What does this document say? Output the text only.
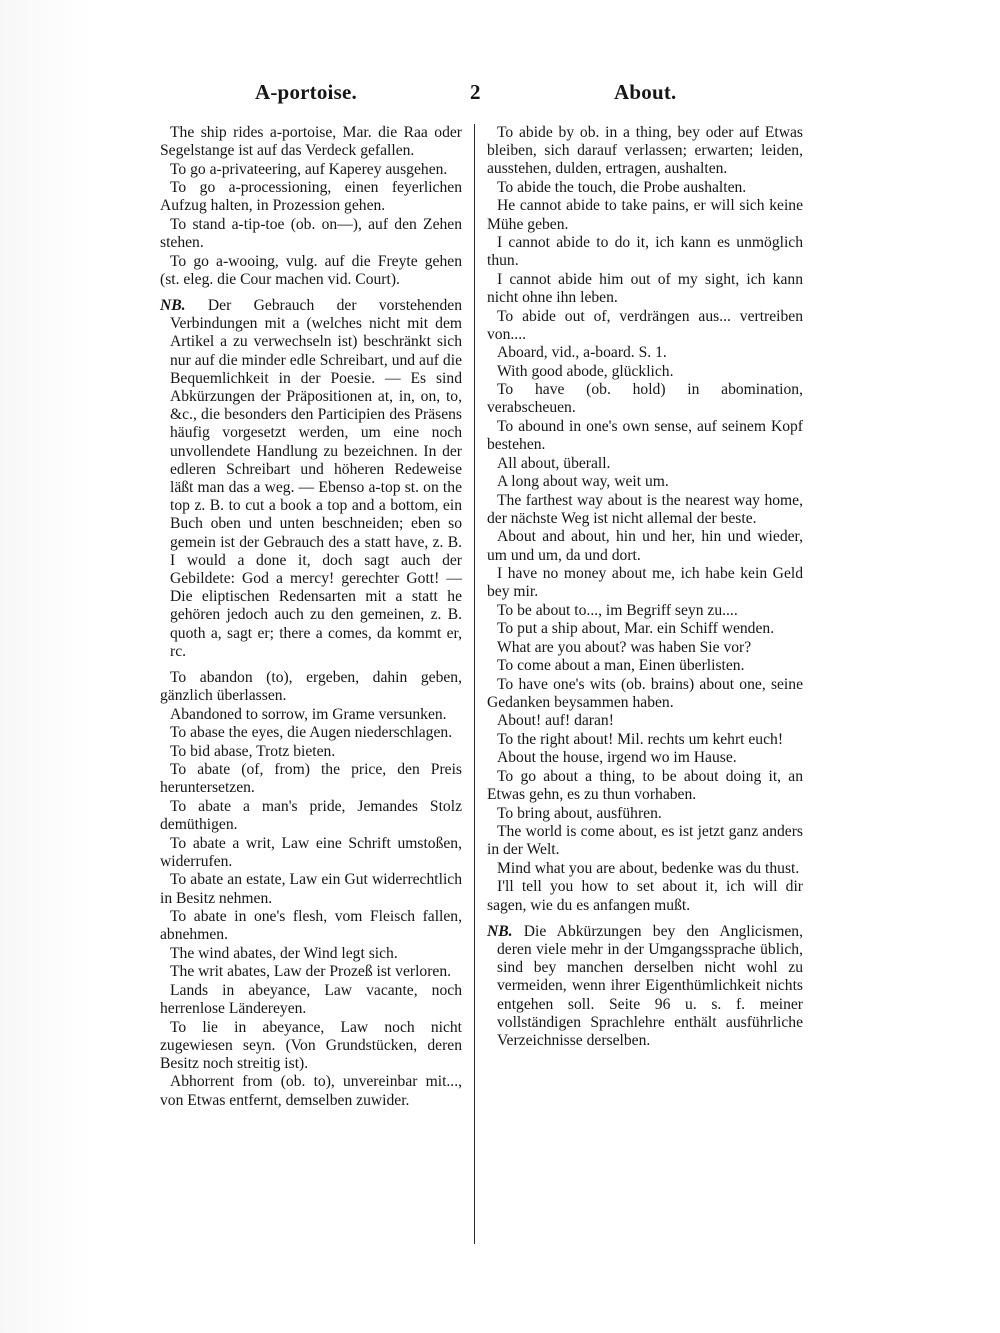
A-portoise.	2	About.

The ship rides a-portoise, Mar. die Raa oder Segelstange ist auf das Verdeck gefallen.

To go a-privateering, auf Kaperey ausgehen.

To go a-processioning, einen feyerlichen Aufzug halten, in Prozession gehen.

To stand a-tip-toe (ob. on—), auf den Zehen stehen.

To go a-wooing, vulg. auf die Freyte gehen (st. eleg. die Cour machen vid. Court).

NB. Der Gebrauch der vorstehenden Verbindungen mit a (welches nicht mit dem Artikel a zu verwechseln ist) beschränkt sich nur auf die minder edle Schreibart, und auf die Bequemlichkeit in der Poesie. — Es sind Abkürzungen der Präpositionen at, in, on, to, &c., die besonders den Participien des Präsens häufig vorgesetzt werden, um eine noch unvollendete Handlung zu bezeichnen. In der edleren Schreibart und höheren Redeweise läßt man das a weg. — Ebenso a-top st. on the top z. B. to cut a book a top and a bottom, ein Buch oben und unten beschneiden; eben so gemein ist der Gebrauch des a statt have, z. B. I would a done it, doch sagt auch der Gebildete: God a mercy! gerechter Gott! — Die eliptischen Redensarten mit a statt he gehören jedoch auch zu den gemeinen, z. B. quoth a, sagt er; there a comes, da kommt er, rc.

To abandon (to), ergeben, dahin geben, gänzlich überlassen.

Abandoned to sorrow, im Grame versunken.

To abase the eyes, die Augen niederschlagen.

To bid abase, Trotz bieten.

To abate (of, from) the price, den Preis heruntersetzen.

To abate a man's pride, Jemandes Stolz demüthigen.

To abate a writ, Law eine Schrift umstoßen, widerrufen.

To abate an estate, Law ein Gut widerrechtlich in Besitz nehmen.

To abate in one's flesh, vom Fleisch fallen, abnehmen.

The wind abates, der Wind legt sich.

The writ abates, Law der Prozeß ist verloren.

Lands in abeyance, Law vacante, noch herrenlose Ländereyen.

To lie in abeyance, Law noch nicht zugewiesen seyn. (Von Grundstücken, deren Besitz noch streitig ist).

Abhorrent from (ob. to), unvereinbar mit..., von Etwas entfernt, demselben zuwider.

To abide by ob. in a thing, bey oder auf Etwas bleiben, sich darauf verlassen; erwarten; leiden, ausstehen, dulden, ertragen, aushalten.

To abide the touch, die Probe aushalten.

He cannot abide to take pains, er will sich keine Mühe geben.

I cannot abide to do it, ich kann es unmöglich thun.

I cannot abide him out of my sight, ich kann nicht ohne ihn leben.

To abide out of, verdrängen aus... vertreiben von....

Aboard, vid., a-board. S. 1.

With good abode, glücklich.

To have (ob. hold) in abomination, verabscheuen.

To abound in one's own sense, auf seinem Kopf bestehen.

All about, überall.

A long about way, weit um.

The farthest way about is the nearest way home, der nächste Weg ist nicht allemal der beste.

About and about, hin und her, hin und wieder, um und um, da und dort.

I have no money about me, ich habe kein Geld bey mir.

To be about to..., im Begriff seyn zu....

To put a ship about, Mar. ein Schiff wenden.

What are you about? was haben Sie vor?

To come about a man, Einen überlisten.

To have one's wits (ob. brains) about one, seine Gedanken beysammen haben.

About! auf! daran!

To the right about! Mil. rechts um kehrt euch!

About the house, irgend wo im Hause.

To go about a thing, to be about doing it, an Etwas gehn, es zu thun vorhaben.

To bring about, ausführen.

The world is come about, es ist jetzt ganz anders in der Welt.

Mind what you are about, bedenke was du thust.

I'll tell you how to set about it, ich will dir sagen, wie du es anfangen mußt.

NB. Die Abkürzungen bey den Anglicismen, deren viele mehr in der Umgangssprache üblich, sind bey manchen derselben nicht wohl zu vermeiden, wenn ihrer Eigenthümlichkeit nichts entgehen soll. Seite 96 u. s. f. meiner vollständigen Sprachlehre enthält ausführliche Verzeichnisse derselben.
